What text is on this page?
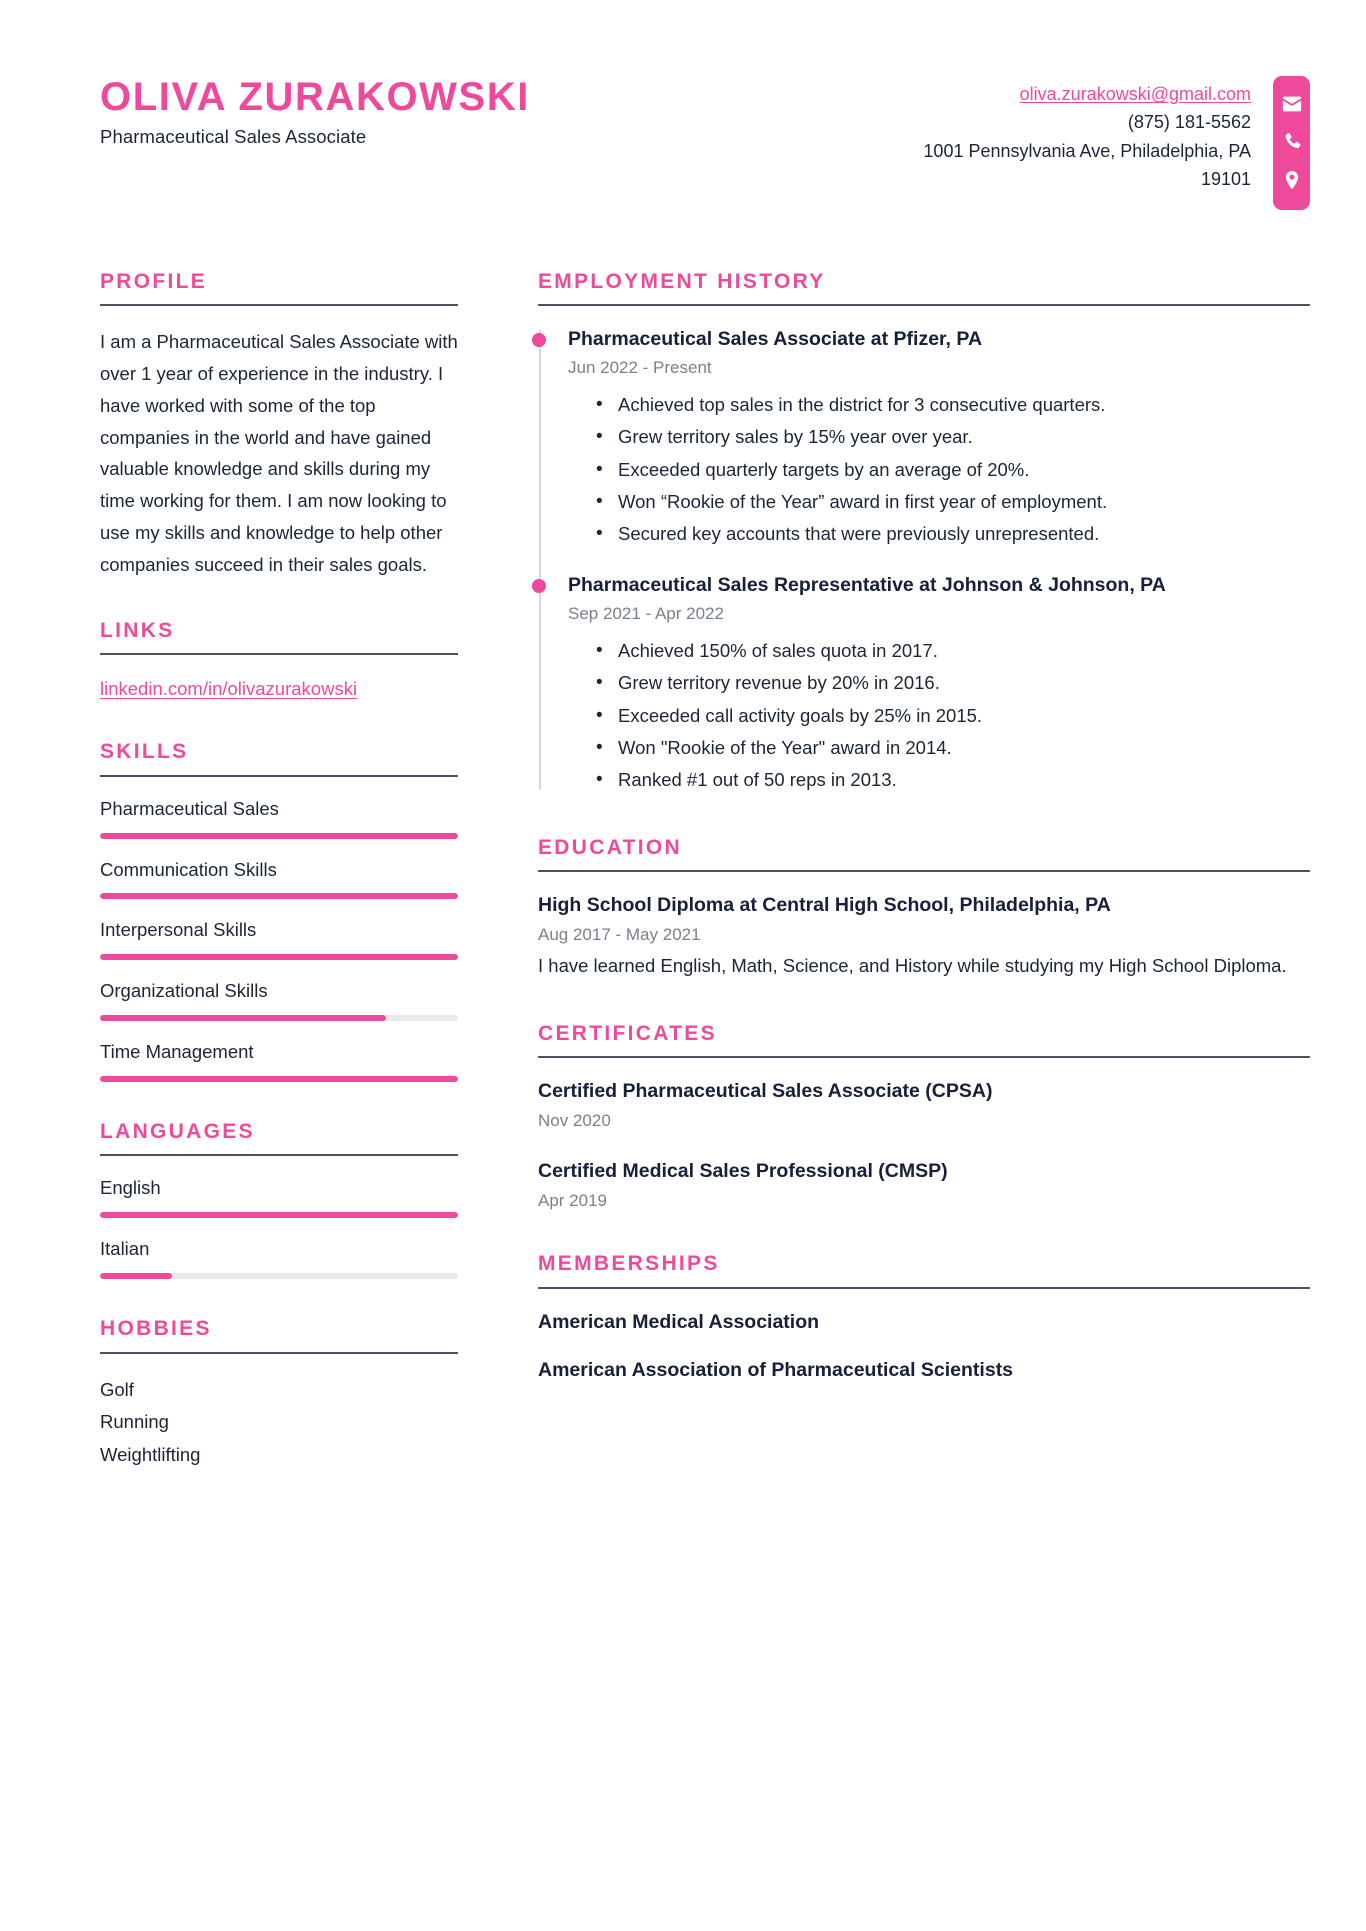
OLIVA ZURAKOWSKI
Pharmaceutical Sales Associate
oliva.zurakowski@gmail.com
(875) 181-5562
1001 Pennsylvania Ave, Philadelphia, PA
19101
PROFILE

I am a Pharmaceutical Sales Associate with over 1 year of experience in the industry. I have worked with some of the top companies in the world and have gained valuable knowledge and skills during my time working for them. I am now looking to use my skills and knowledge to help other companies succeed in their sales goals.

LINKS
linkedin.com/in/olivazurakowski
SKILLS
Pharmaceutical Sales
Communication Skills
Interpersonal Skills
Organizational Skills
Time Management
LANGUAGES
English
Italian
HOBBIES
Golf
Running
Weightlifting
EMPLOYMENT HISTORY
Pharmaceutical Sales Associate at Pfizer, PA
Jun 2022 - Present
• Achieved top sales in the district for 3 consecutive quarters.
• Grew territory sales by 15% year over year.
• Exceeded quarterly targets by an average of 20%.
• Won “Rookie of the Year” award in first year of employment.
• Secured key accounts that were previously unrepresented.
Pharmaceutical Sales Representative at Johnson & Johnson, PA
Sep 2021 - Apr 2022
• Achieved 150% of sales quota in 2017.
• Grew territory revenue by 20% in 2016.
• Exceeded call activity goals by 25% in 2015.
• Won "Rookie of the Year" award in 2014.
• Ranked #1 out of 50 reps in 2013.
EDUCATION
High School Diploma at Central High School, Philadelphia, PA
Aug 2017 - May 2021
I have learned English, Math, Science, and History while studying my High School Diploma.
CERTIFICATES
Certified Pharmaceutical Sales Associate (CPSA)
Nov 2020
Certified Medical Sales Professional (CMSP)
Apr 2019
MEMBERSHIPS
American Medical Association
American Association of Pharmaceutical Scientists
